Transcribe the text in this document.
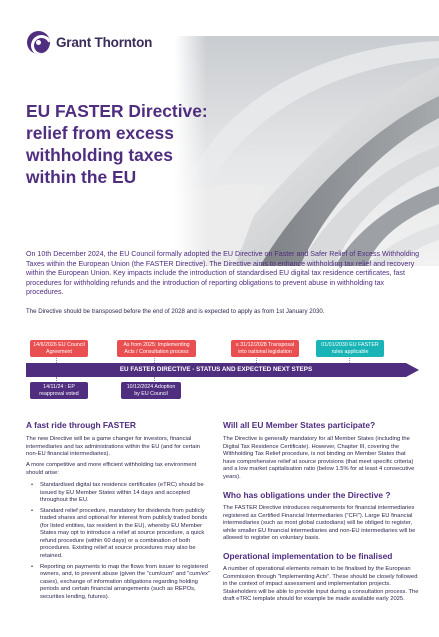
Grant Thornton
EU FASTER Directive: relief from excess withholding taxes within the EU

On 10th December 2024, the EU Council formally adopted the EU Directive on Faster and Safer Relief of Excess Withholding Taxes within the European Union (the FASTER Directive). The Directive aims to enhance withholding tax relief and recovery within the European Union. Key impacts include the introduction of standardised EU digital tax residence certificates, fast procedures for withholding refunds and the introduction of reporting obligations to prevent abuse in withholding tax procedures.

The Directive should be transposed before the end of 2028 and is expected to apply as from 1st January 2030.

14/6/2026 EU Council Agreement
As from 2025: Implementing Acts / Consultation process
≤ 31/12/2028 Transposal into national legislation
01/01/2030 EU FASTER rules applicable
EU FASTER DIRECTIVE - STATUS AND EXPECTED NEXT STEPS
14/11/24 : EP reapproval voted
10/12/2024 Adoption by EU Council
A fast ride through FASTER

The new Directive will be a game changer for investors, financial intermediaries and tax administrations within the EU (and for certain non-EU financial intermediaries).

A more competitive and more efficient withholding tax environment should arise:

• Standardised digital tax residence certificates (eTRC) should be issued by EU Member States within 14 days and accepted throughout the EU.
• Standard relief procedure, mandatory for dividends from publicly traded shares and optional for interest from publicly traded bonds (for listed entities, tax resident in the EU), whereby EU Member States may opt to introduce a relief at source procedure, a quick refund procedure (within 60 days) or a combination of both procedures. Existing relief at source procedures may also be retained.
• Reporting on payments to map the flows from issuer to registered owners, and, to prevent abuse (given the "cum/cum" and "cum/ex" cases), exchange of information obligations regarding holding periods and certain financial arrangements (such as REPOs, securities lending, futures).
Will all EU Member States participate?

The Directive is generally mandatory for all Member States (including the Digital Tax Residence Certificate). However, Chapter III, covering the Withholding Tax Relief procedure, is not binding on Member States that have comprehensive relief at source provisions (that meet specific criteria) and a low market capitalisation ratio (below 1.5% for at least 4 consecutive years).

Who has obligations under the Directive ?

The FASTER Directive introduces requirements for financial intermediaries registered as Certified Financial Intermediaries ("CFI"). Large EU financial intermediaries (such as most global custodians) will be obliged to register, while smaller EU financial intermediaries and non-EU intermediaries will be allowed to register on voluntary basis.

Operational implementation to be finalised

A number of operational elements remain to be finalised by the European Commission through "Implementing Acts". These should be closely followed in the context of impact assessment and implementation projects. Stakeholders will be able to provide input during a consultation process. The draft eTRC template should for example be made available early 2025.
